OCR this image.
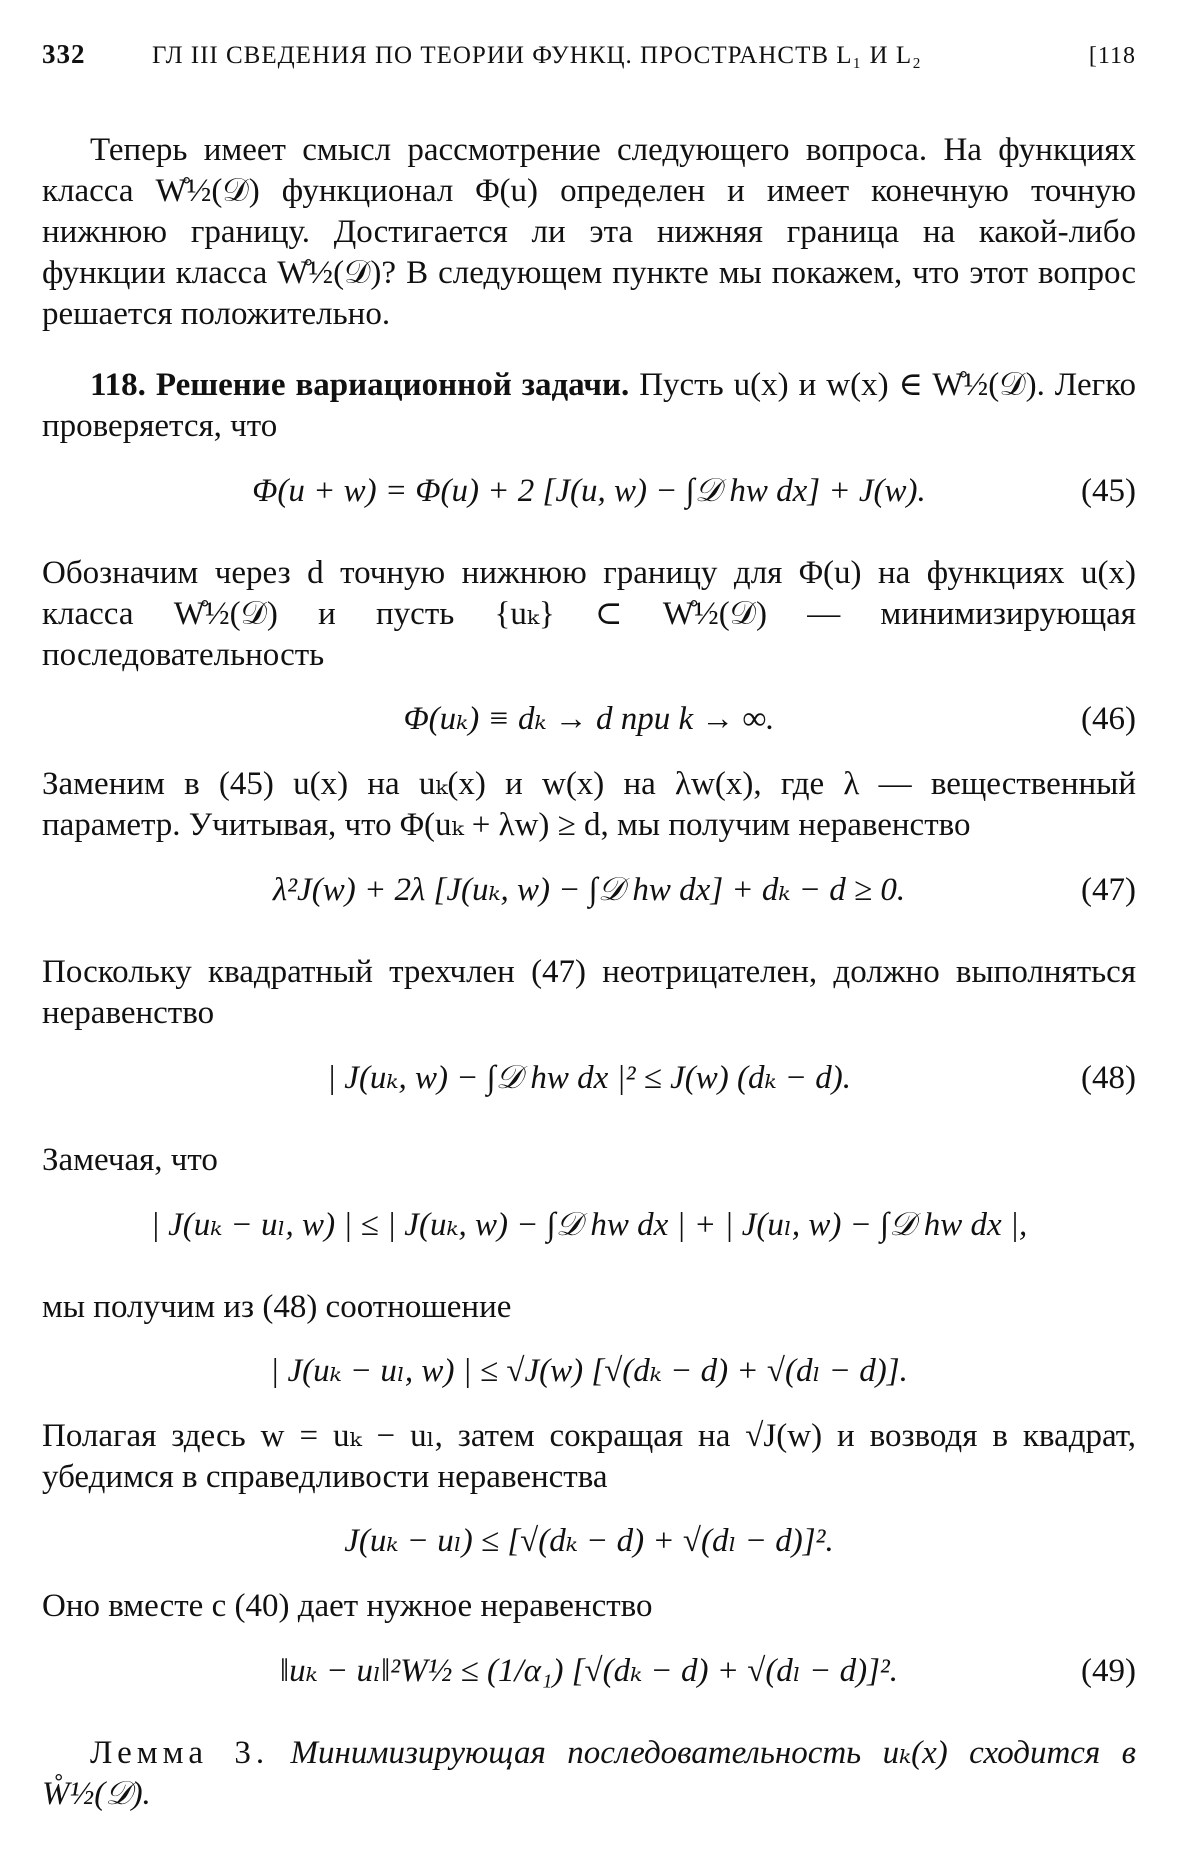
332	ГЛ III СВЕДЕНИЯ ПО ТЕОРИИ ФУНКЦ. ПРОСТРАНСТВ L₁ И L₂	[118

Теперь имеет смысл рассмотрение следующего вопроса. На функциях класса W̊½(𝒟) функционал Φ(u) определен и имеет конечную точную нижнюю границу. Достигается ли эта нижняя граница на какой-либо функции класса W̊½(𝒟)? В следующем пункте мы покажем, что этот вопрос решается положительно.

118. Решение вариационной задачи. Пусть u(x) и w(x) ∈ W̊½(𝒟). Легко проверяется, что

Φ(u + w) = Φ(u) + 2 [J(u, w) − ∫𝒟 hw dx] + J(w).	(45)

Обозначим через d точную нижнюю границу для Φ(u) на функциях u(x) класса W̊½(𝒟) и пусть {uₖ} ⊂ W̊½(𝒟) — минимизирующая последовательность

Φ(uₖ) ≡ dₖ → d при k → ∞.	(46)

Заменим в (45) u(x) на uₖ(x) и w(x) на λw(x), где λ — вещественный параметр. Учитывая, что Φ(uₖ + λw) ≥ d, мы получим неравенство

λ²J(w) + 2λ [J(uₖ, w) − ∫𝒟 hw dx] + dₖ − d ≥ 0.	(47)

Поскольку квадратный трехчлен (47) неотрицателен, должно выполняться неравенство

| J(uₖ, w) − ∫𝒟 hw dx |² ≤ J(w) (dₖ − d).	(48)

Замечая, что

| J(uₖ − uₗ, w) | ≤ | J(uₖ, w) − ∫𝒟 hw dx | + | J(uₗ, w) − ∫𝒟 hw dx |,

мы получим из (48) соотношение

| J(uₖ − uₗ, w) | ≤ √J(w) [√(dₖ − d) + √(dₗ − d)].

Полагая здесь w = uₖ − uₗ, затем сокращая на √J(w) и возводя в квадрат, убедимся в справедливости неравенства

J(uₖ − uₗ) ≤ [√(dₖ − d) + √(dₗ − d)]².

Оно вместе с (40) дает нужное неравенство

‖uₖ − uₗ‖²W½ ≤ (1/α₁) [√(dₖ − d) + √(dₗ − d)]².	(49)

Лемма 3. Минимизирующая последовательность uₖ(x) сходится в W̊½(𝒟).
